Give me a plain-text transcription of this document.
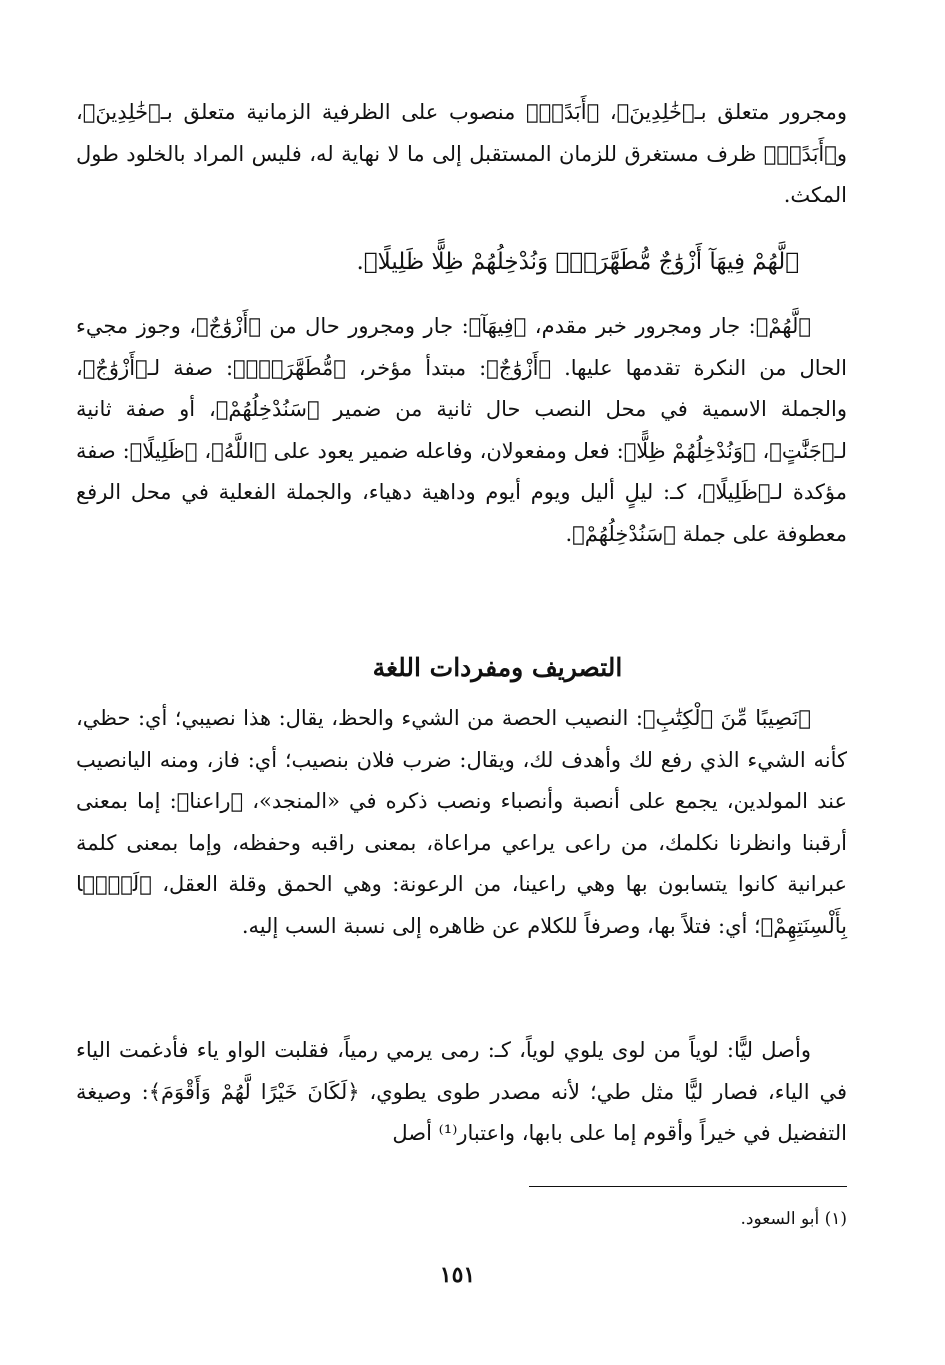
ومجرور متعلق بـ﴿خَٰلِدِينَ﴾، ﴿أَبَدًاۖ﴾ منصوب على الظرفية الزمانية متعلق بـ﴿خَٰلِدِينَ﴾، و﴿أَبَدًاۖ﴾ ظرف مستغرق للزمان المستقبل إلى ما لا نهاية له، فليس المراد بالخلود طول المكث.
﴿لَّهُمْ فِيهَآ أَزْوَٰجٌ مُّطَهَّرَةٌۖ وَنُدْخِلُهُمْ ظِلًّا ظَلِيلًا﴾.
﴿لَّهُمْ﴾: جار ومجرور خبر مقدم، ﴿فِيهَآ﴾: جار ومجرور حال من ﴿أَزْوَٰجٌ﴾، وجوز مجيء الحال من النكرة تقدمها عليها. ﴿أَزْوَٰجٌ﴾: مبتدأ مؤخر، ﴿مُّطَهَّرَةٌۖ﴾: صفة لـ﴿أَزْوَٰجٌ﴾، والجملة الاسمية في محل النصب حال ثانية من ضمير ﴿سَنُدْخِلُهُمْ﴾، أو صفة ثانية لـ﴿جَنَّٰتٍ﴾، ﴿وَنُدْخِلُهُمْ ظِلًّا﴾: فعل ومفعولان، وفاعله ضمير يعود على ﴿اللَّهُ﴾، ﴿ظَلِيلًا﴾: صفة مؤكدة لـ﴿ظَلِيلًا﴾، كـ: ليلٍ أليل ويوم أيوم وداهية دهياء، والجملة الفعلية في محل الرفع معطوفة على جملة ﴿سَنُدْخِلُهُمْ﴾.
التصريف ومفردات اللغة
﴿نَصِيبًا مِّنَ ٱلْكِتَٰبِ﴾: النصيب الحصة من الشيء والحظ، يقال: هذا نصيبي؛ أي: حظي، كأنه الشيء الذي رفع لك وأهدف لك، ويقال: ضرب فلان بنصيب؛ أي: فاز، ومنه اليانصيب عند المولدين، يجمع على أنصبة وأنصباء ونصب ذكره في «المنجد»، ﴿راعنا﴾: إما بمعنى أرقبنا وانظرنا نكلمك، من راعى يراعي مراعاة، بمعنى راقبه وحفظه، وإما بمعنى كلمة عبرانية كانوا يتسابون بها وهي راعينا، من الرعونة: وهي الحمق وقلة العقل، ﴿لَيًّۢا بِأَلْسِنَتِهِمْ﴾؛ أي: فتلاً بها، وصرفاً للكلام عن ظاهره إلى نسبة السب إليه.
وأصل ليًّا: لوياً من لوى يلوي لوياً، كـ: رمى يرمي رمياً، فقلبت الواو ياء فأدغمت الياء في الياء، فصار ليًّا مثل طي؛ لأنه مصدر طوى يطوي، ﴿لَكَانَ خَيْرًا لَّهُمْ وَأَقْوَمَ﴾: وصيغة التفضيل في خيراً وأقوم إما على بابها، واعتبار⁽¹⁾ أصل
(١) أبو السعود.
١٥١
